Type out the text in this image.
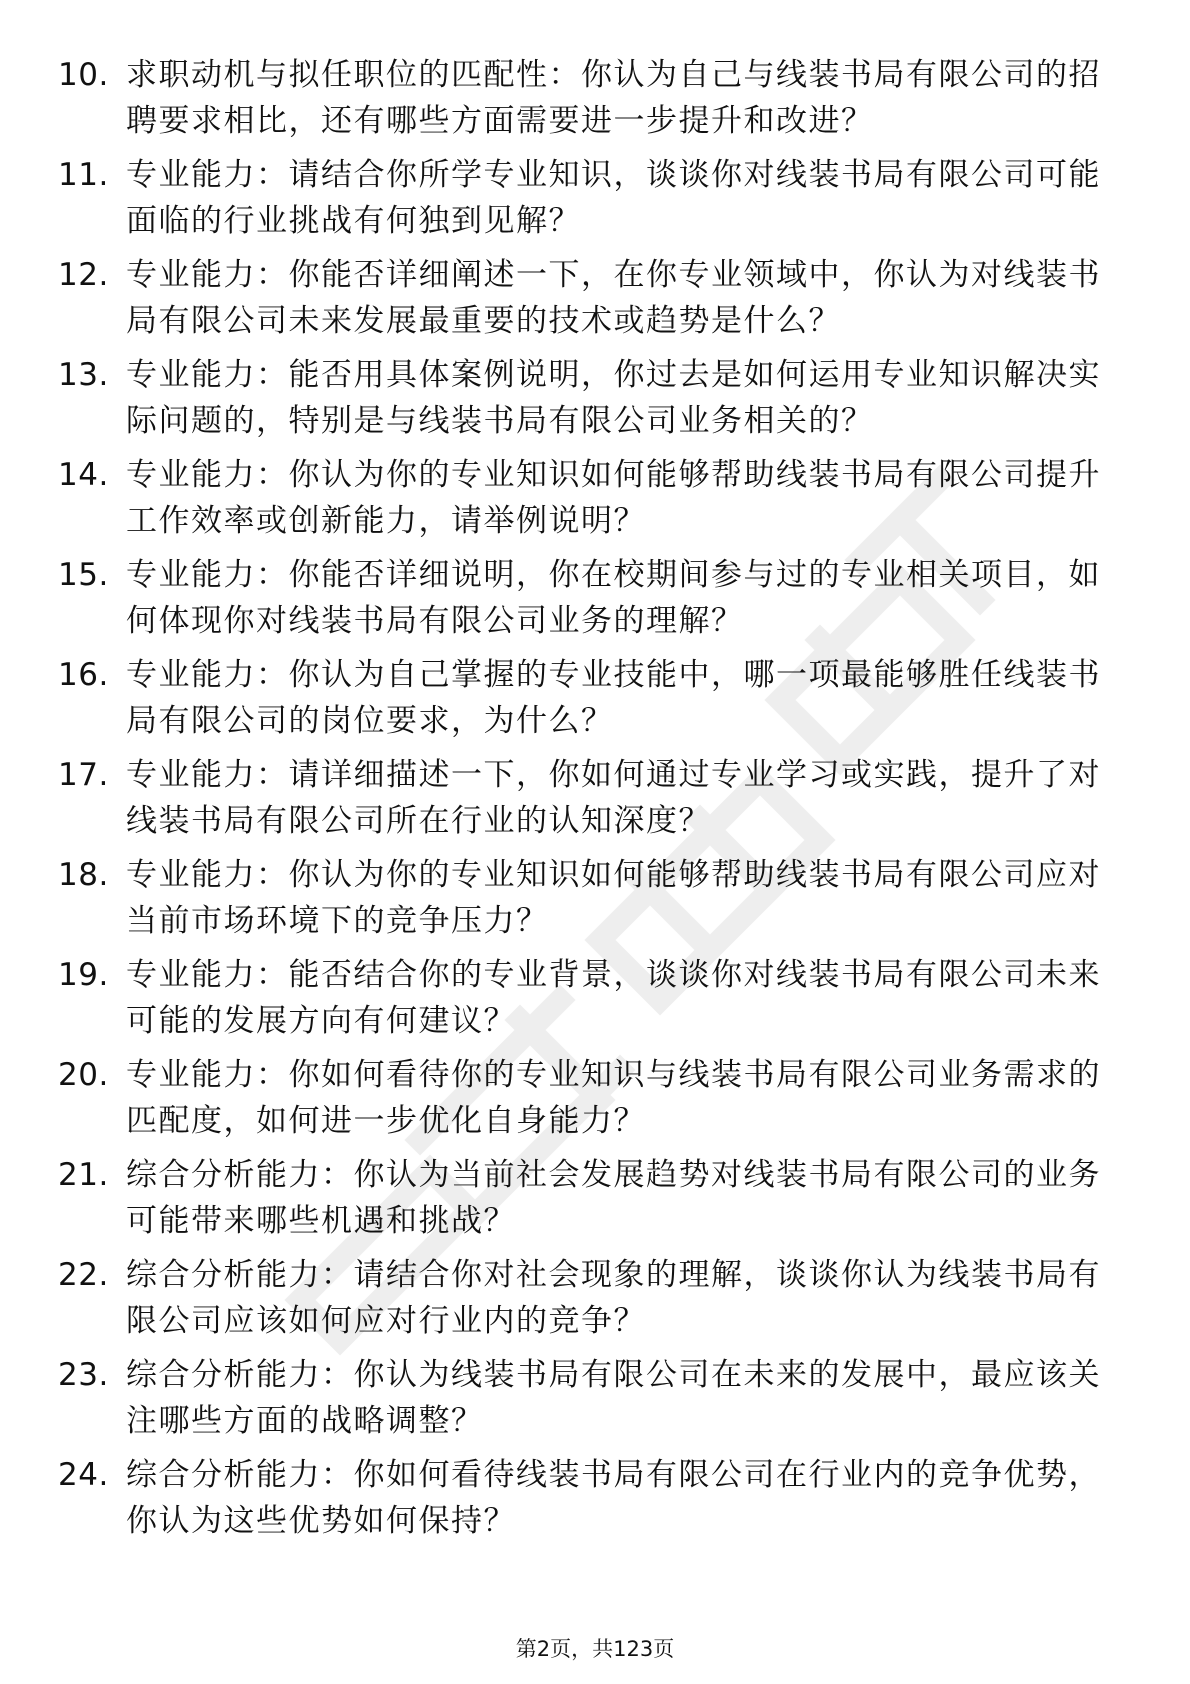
10. 求职动机与拟任职位的匹配性：你认为自己与线装书局有限公司的招聘要求相比，还有哪些方面需要进一步提升和改进？
11. 专业能力：请结合你所学专业知识，谈谈你对线装书局有限公司可能面临的行业挑战有何独到见解？
12. 专业能力：你能否详细阐述一下，在你专业领域中，你认为对线装书局有限公司未来发展最重要的技术或趋势是什么？
13. 专业能力：能否用具体案例说明，你过去是如何运用专业知识解决实际问题的，特别是与线装书局有限公司业务相关的？
14. 专业能力：你认为你的专业知识如何能够帮助线装书局有限公司提升工作效率或创新能力，请举例说明？
15. 专业能力：你能否详细说明，你在校期间参与过的专业相关项目，如何体现你对线装书局有限公司业务的理解？
16. 专业能力：你认为自己掌握的专业技能中，哪一项最能够胜任线装书局有限公司的岗位要求，为什么？
17. 专业能力：请详细描述一下，你如何通过专业学习或实践，提升了对线装书局有限公司所在行业的认知深度？
18. 专业能力：你认为你的专业知识如何能够帮助线装书局有限公司应对当前市场环境下的竞争压力？
19. 专业能力：能否结合你的专业背景，谈谈你对线装书局有限公司未来可能的发展方向有何建议？
20. 专业能力：你如何看待你的专业知识与线装书局有限公司业务需求的匹配度，如何进一步优化自身能力？
21. 综合分析能力：你认为当前社会发展趋势对线装书局有限公司的业务可能带来哪些机遇和挑战？
22. 综合分析能力：请结合你对社会现象的理解，谈谈你认为线装书局有限公司应该如何应对行业内的竞争？
23. 综合分析能力：你认为线装书局有限公司在未来的发展中，最应该关注哪些方面的战略调整？
24. 综合分析能力：你如何看待线装书局有限公司在行业内的竞争优势，你认为这些优势如何保持？
第2页，共123页
